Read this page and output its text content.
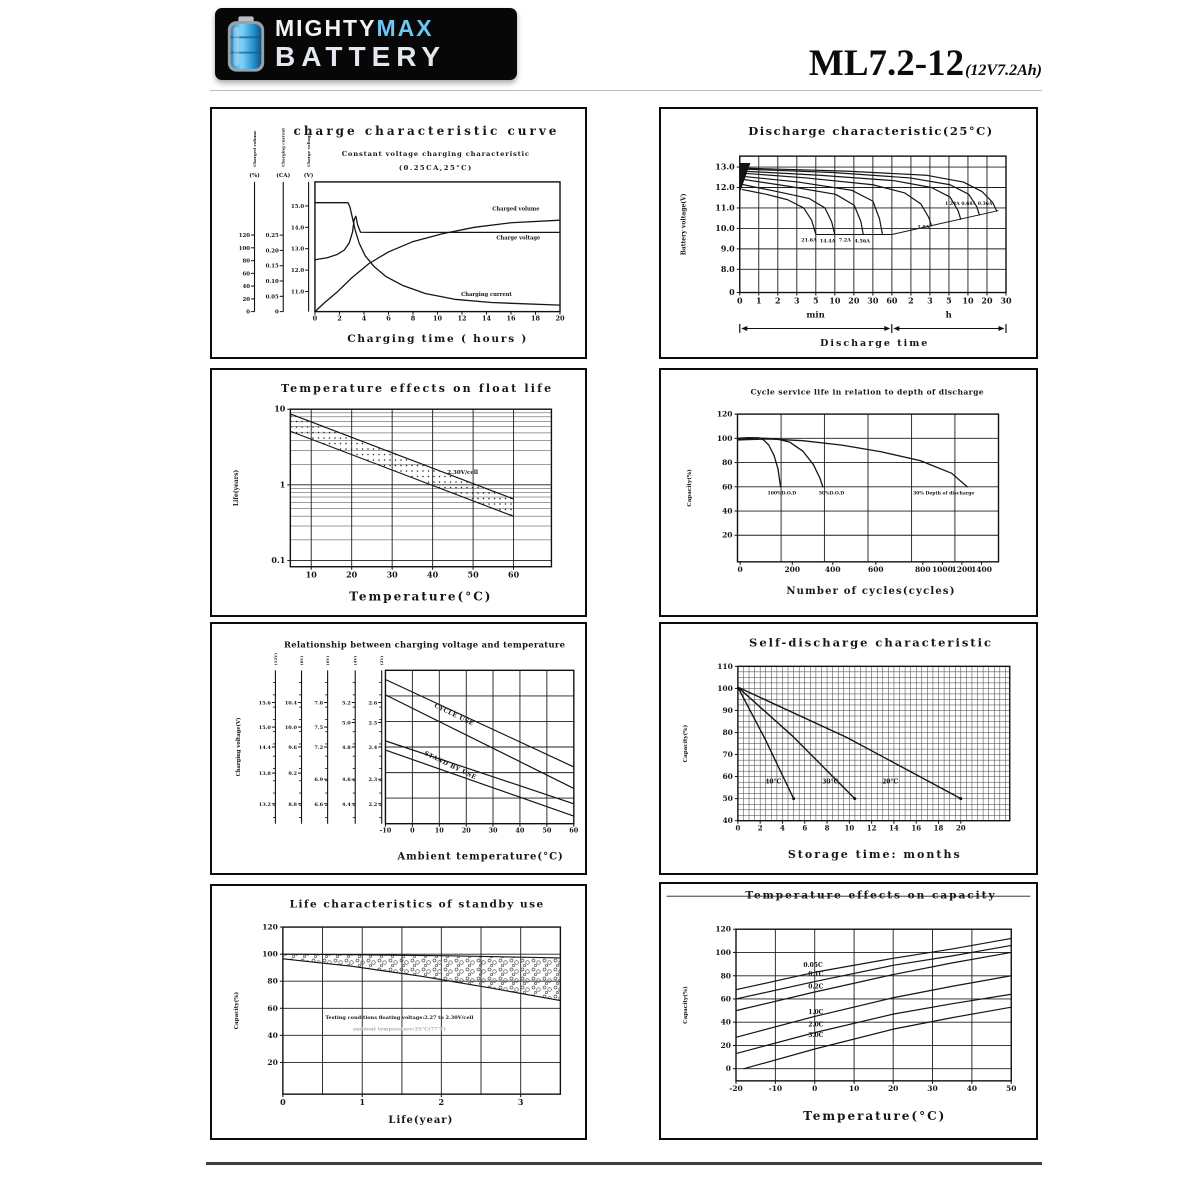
MIGHTYMAX
BATTERY	ML7.2-12(12V7.2Ah)
0	2	4	6	8	10 12 14 16 18 20
120
100
80
60
40
20
0
(%)
Charged volume
0.25
0.20
0.15
0.10
0.05
0
(CA)
Charging current
15.0
14.0
13.0
12.0
11.0
(V)
Charge voltage
Charged volume
Charge voltage
Charging current
charge characteristic curve
Constant voltage charging characteristic
(0.25CA,25°C)
Charging time ( hours )
0 1 2 3 5 10 20 30 60 2 3 5 10 20 30
13.0
12.0
11.0
10.0
9.0
8.0
0
21.6A 14.4A 7.2A 4.56A
1.8A
1.24A 0.68A 0.36A
Discharge characteristic(25°C)
Battery voltage(V)
min	h
Discharge time
10	20	30	40	50	60
10
1
0.1
2.30V/cell
Temperature effects on float life
Temperature(°C)
Life(years)
0	200	400	600	800 1000
1200
1400
120
100
80
60
40
20
100%D.O.D	50%D.O.D	30% Depth of discharge
Cycle service life in relation to depth of discharge
Number of cycles(cycles)
Capacity(%)
-10	0	10	20	30	40	50	60
15.6
15.0
14.4
13.8
13.2
(12V)
10.4
10.0
9.6
9.2
8.8
(8V)
7.8
7.5
7.2
6.9
6.6
(6V)
5.2
5.0
4.8
4.6
4.4
(4V)
2.6
2.5
2.4
2.3
2.2
(2V)
CYCLE USE
STAND BY USE
Relationship between charging voltage and temperature
Ambient temperature(°C)
Charging voltage(V)
0 2 4 6 8 10 12 14 16 18 20
110
100
90
80
70
60
50
40
40°C	30°C	20°C
Self-discharge characteristic
Storage time: months
Capacity(%)
0	1	2	3
120
100
80
60
40
20
Testing conditions floating voltage:2.27 to 2.30V/cell
ambient temperature:25°C(77°F)
Life characteristics of standby use
Life(year)
Capacity(%)
-20	-10	0	10	20	30	40	50
120
100
80
60
40
20
0
0.05C
0.1C
0.2C
1.0C
2.0C
3.0C
Temperature effects on capacity
Temperature(°C)
Capacity(%)
